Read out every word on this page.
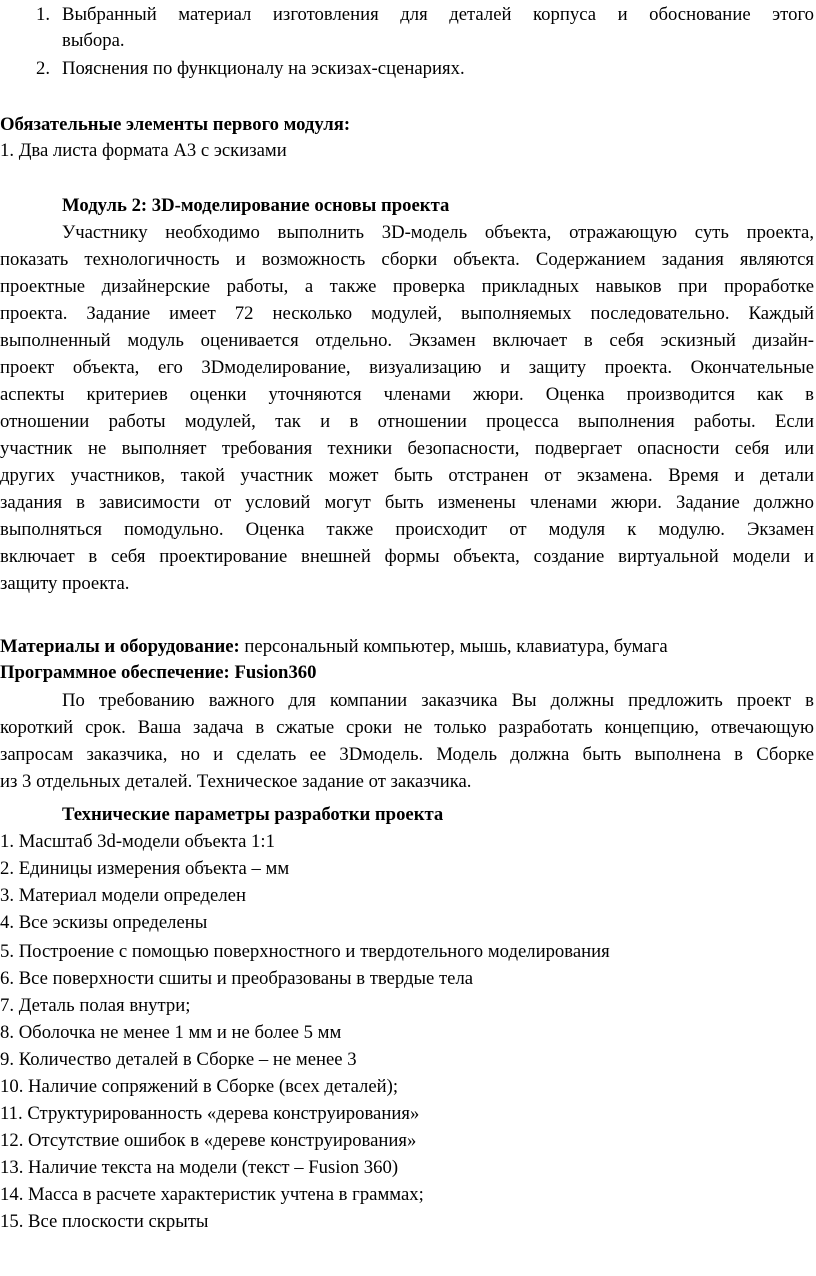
1. Выбранный материал изготовления для деталей корпуса и обоснование этого
выбора.
2. Пояснения по функционалу на эскизах-сценариях.
Обязательные элементы первого модуля:
1. Два листа формата А3 с эскизами
Модуль 2: 3D-моделирование основы проекта
Участнику необходимо выполнить 3D-модель объекта, отражающую суть проекта,
показать технологичность и возможность сборки объекта. Содержанием задания являются
проектные дизайнерские работы, а также проверка прикладных навыков при проработке
проекта. Задание имеет 72 несколько модулей, выполняемых последовательно. Каждый
выполненный модуль оценивается отдельно. Экзамен включает в себя эскизный дизайн-
проект объекта, его 3Dмоделирование, визуализацию и защиту проекта. Окончательные
аспекты критериев оценки уточняются членами жюри. Оценка производится как в
отношении работы модулей, так и в отношении процесса выполнения работы. Если
участник не выполняет требования техники безопасности, подвергает опасности себя или
других участников, такой участник может быть отстранен от экзамена. Время и детали
задания в зависимости от условий могут быть изменены членами жюри. Задание должно
выполняться помодульно. Оценка также происходит от модуля к модулю. Экзамен
включает в себя проектирование внешней формы объекта, создание виртуальной модели и
защиту проекта.
Материалы и оборудование: персональный компьютер, мышь, клавиатура, бумага
Программное обеспечение: Fusion360
По требованию важного для компании заказчика Вы должны предложить проект в
короткий срок. Ваша задача в сжатые сроки не только разработать концепцию, отвечающую
запросам заказчика, но и сделать ее 3Dмодель. Модель должна быть выполнена в Сборке
из 3 отдельных деталей. Техническое задание от заказчика.
Технические параметры разработки проекта
1. Масштаб 3d-модели объекта 1:1
2. Единицы измерения объекта – мм
3. Материал модели определен
4. Все эскизы определены
5. Построение с помощью поверхностного и твердотельного моделирования
6. Все поверхности сшиты и преобразованы в твердые тела
7. Деталь полая внутри;
8. Оболочка не менее 1 мм и не более 5 мм
9. Количество деталей в Сборке – не менее 3
10. Наличие сопряжений в Сборке (всех деталей);
11. Структурированность «дерева конструирования»
12. Отсутствие ошибок в «дереве конструирования»
13. Наличие текста на модели (текст – Fusion 360)
14. Масса в расчете характеристик учтена в граммах;
15. Все плоскости скрыты
